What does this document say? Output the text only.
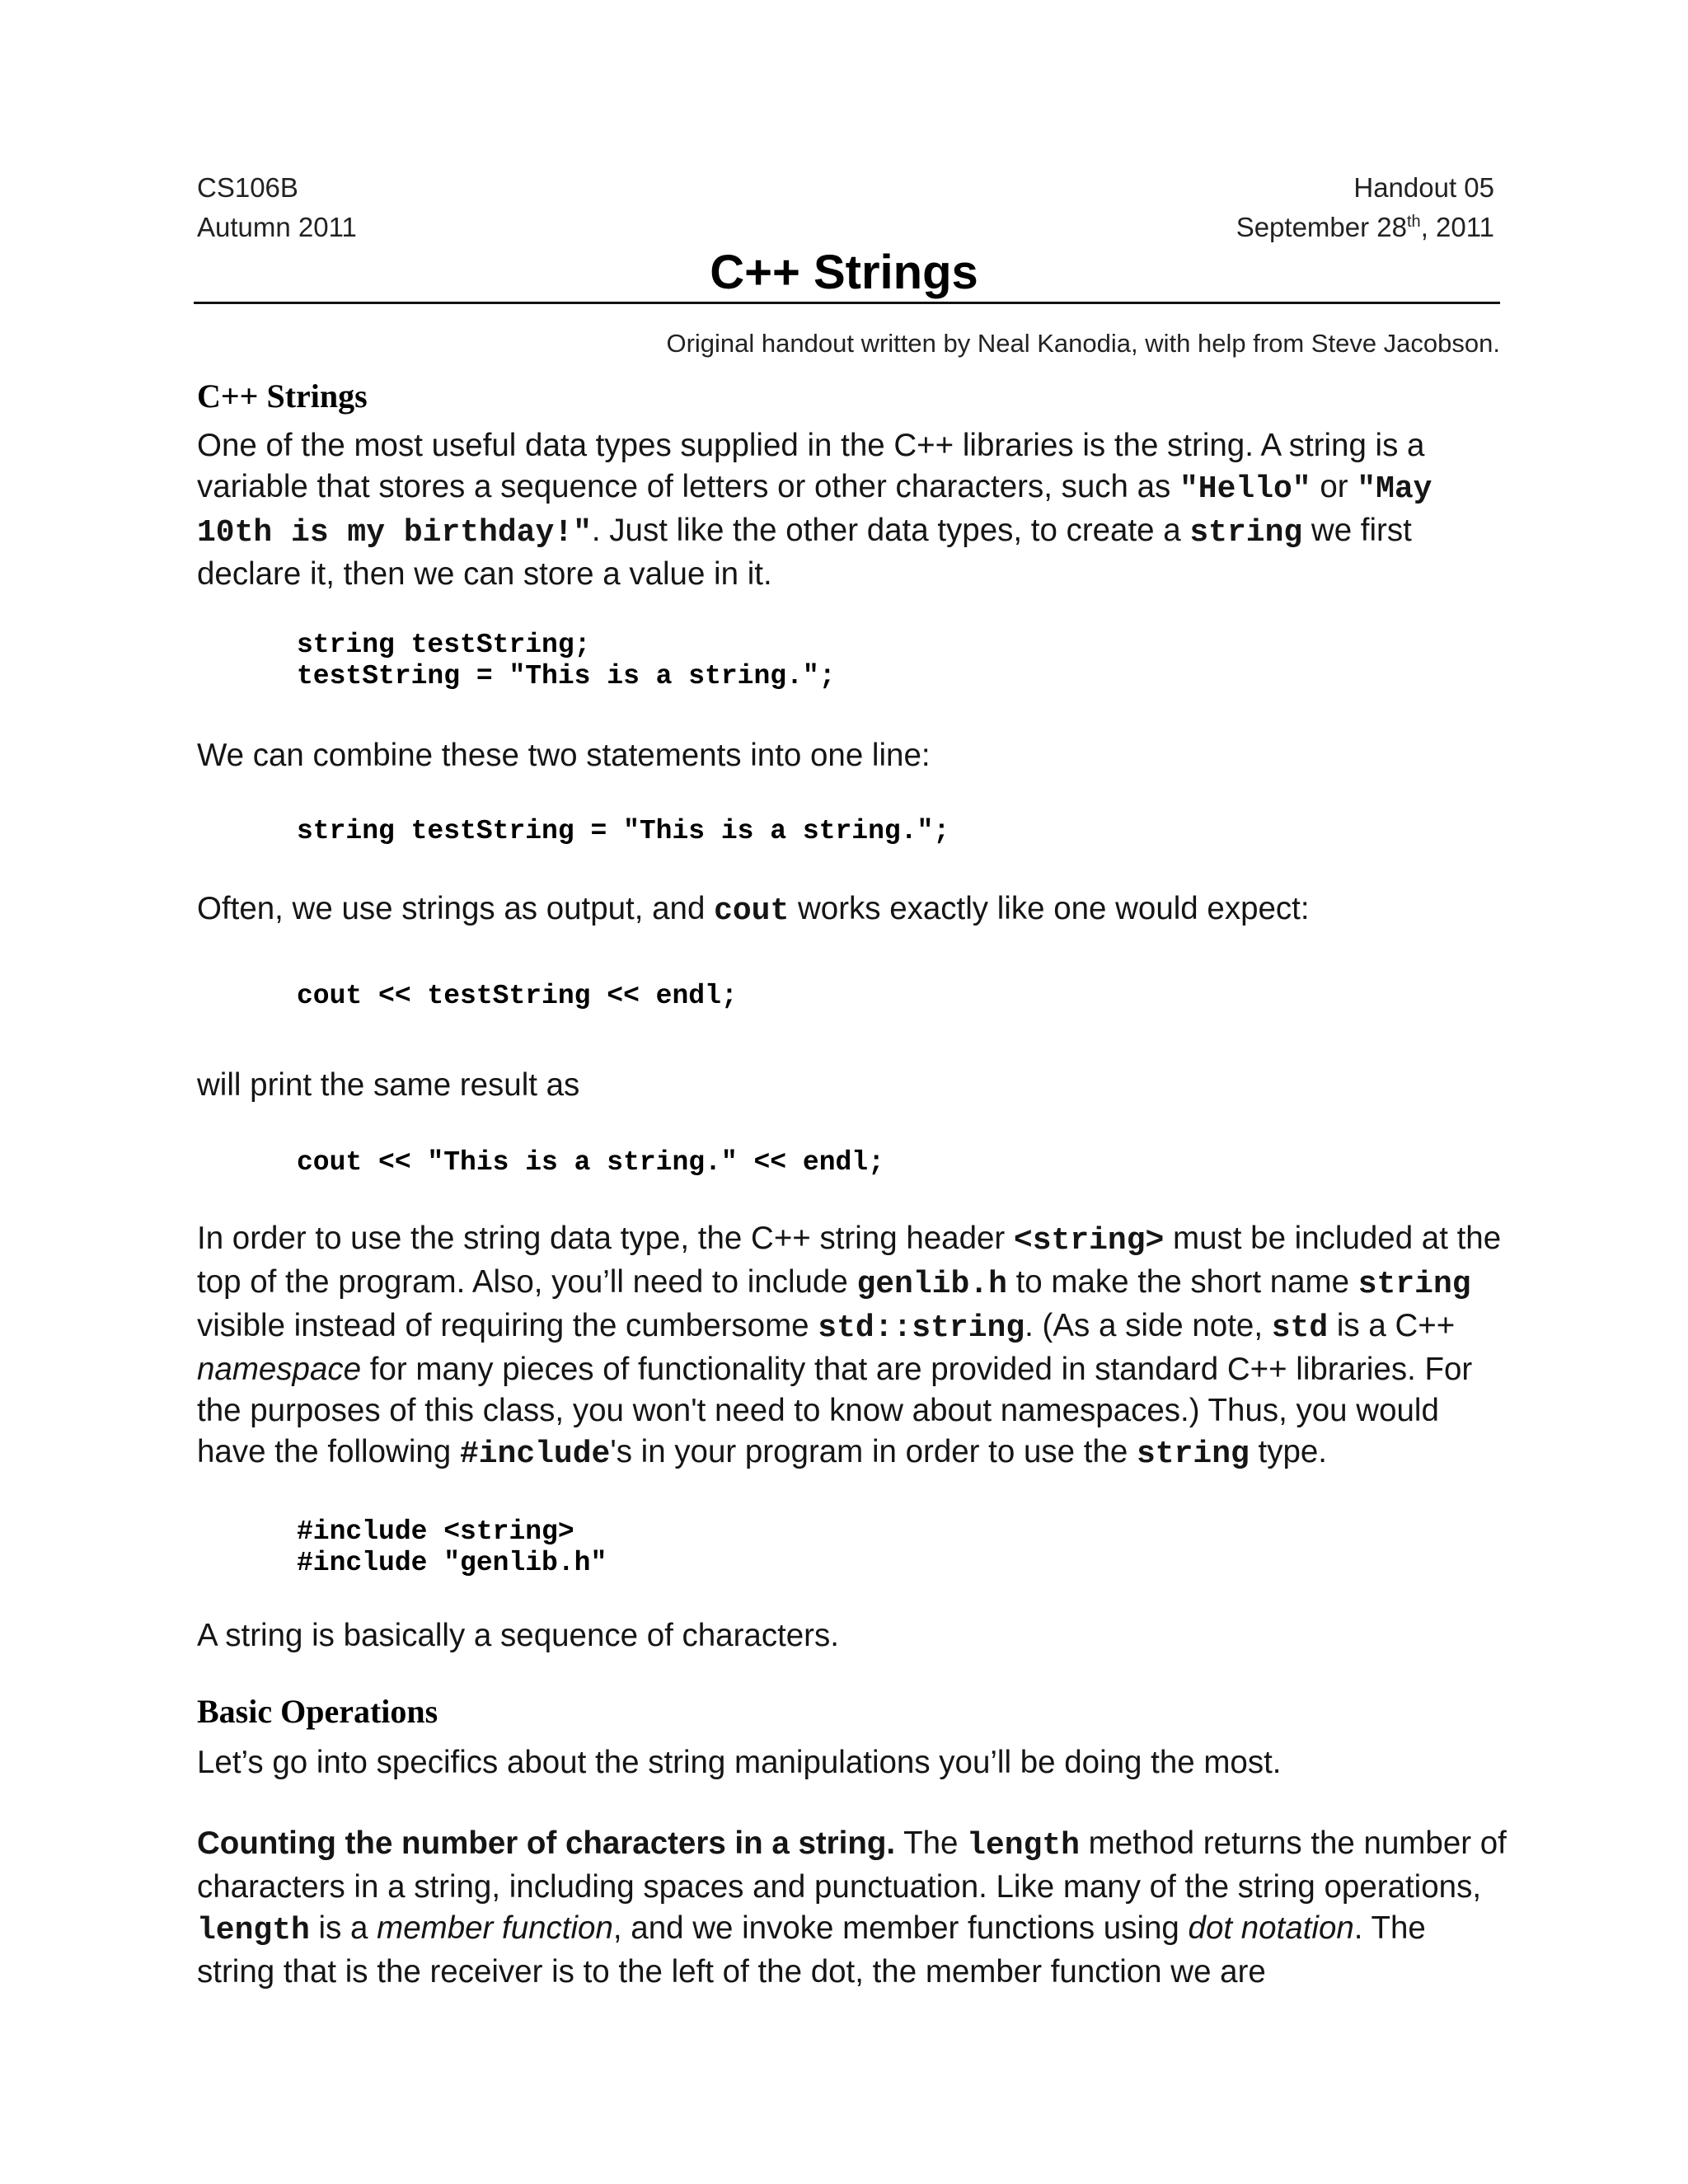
CS106B
Autumn 2011
Handout 05
September 28th, 2011
C++ Strings
Original handout written by Neal Kanodia, with help from Steve Jacobson.
C++ Strings
One of the most useful data types supplied in the C++ libraries is the string. A string is a variable that stores a sequence of letters or other characters, such as "Hello" or "May 10th is my birthday!". Just like the other data types, to create a string we first declare it, then we can store a value in it.
string testString;
testString = "This is a string.";
We can combine these two statements into one line:
string testString = "This is a string.";
Often, we use strings as output, and cout works exactly like one would expect:
cout << testString << endl;
will print the same result as
cout << "This is a string." << endl;
In order to use the string data type, the C++ string header <string> must be included at the top of the program. Also, you’ll need to include genlib.h to make the short name string visible instead of requiring the cumbersome std::string. (As a side note, std is a C++ namespace for many pieces of functionality that are provided in standard C++ libraries. For the purposes of this class, you won't need to know about namespaces.) Thus, you would have the following #include's in your program in order to use the string type.
#include <string>
#include "genlib.h"
A string is basically a sequence of characters.
Basic Operations
Let’s go into specifics about the string manipulations you’ll be doing the most.
Counting the number of characters in a string. The length method returns the number of characters in a string, including spaces and punctuation. Like many of the string operations, length is a member function, and we invoke member functions using dot notation. The string that is the receiver is to the left of the dot, the member function we are
